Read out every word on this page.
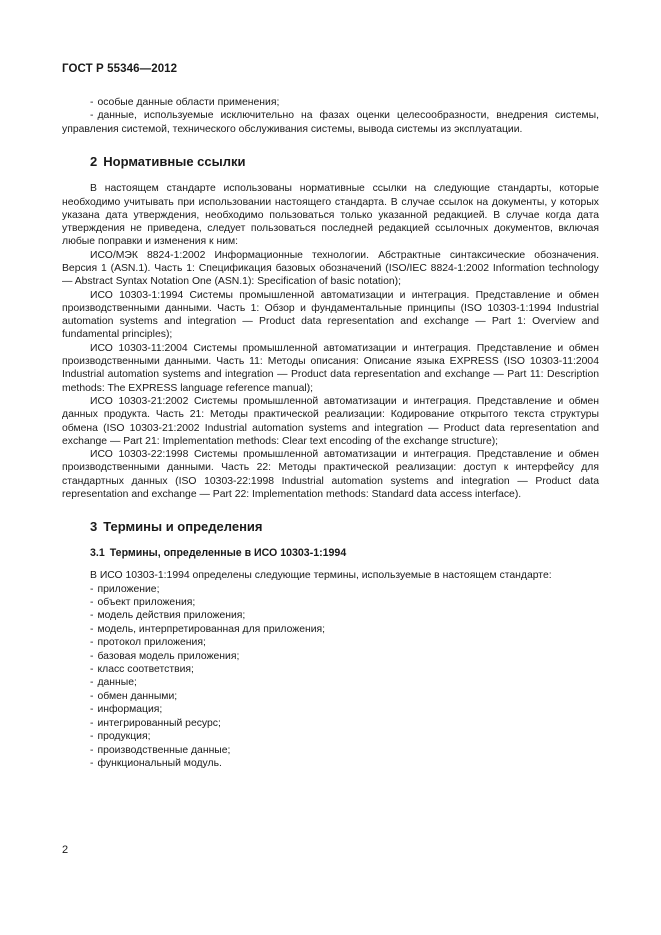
ГОСТ Р 55346—2012
- особые данные области применения;
- данные, используемые исключительно на фазах оценки целесообразности, внедрения системы, управления системой, технического обслуживания системы, вывода системы из эксплуатации.
2 Нормативные ссылки

В настоящем стандарте использованы нормативные ссылки на следующие стандарты, которые необходимо учитывать при использовании настоящего стандарта. В случае ссылок на документы, у которых указана дата утверждения, необходимо пользоваться только указанной редакцией. В случае когда дата утверждения не приведена, следует пользоваться последней редакцией ссылочных документов, включая любые поправки и изменения к ним:

ИСО/МЭК 8824-1:2002 Информационные технологии. Абстрактные синтаксические обозначения. Версия 1 (ASN.1). Часть 1: Спецификация базовых обозначений (ISO/IEC 8824-1:2002 Information technology — Abstract Syntax Notation One (ASN.1): Specification of basic notation);

ИСО 10303-1:1994 Системы промышленной автоматизации и интеграция. Представление и обмен производственными данными. Часть 1: Обзор и фундаментальные принципы (ISO 10303-1:1994 Industrial automation systems and integration — Product data representation and exchange — Part 1: Overview and fundamental principles);

ИСО 10303-11:2004 Системы промышленной автоматизации и интеграция. Представление и обмен производственными данными. Часть 11: Методы описания: Описание языка EXPRESS (ISO 10303-11:2004 Industrial automation systems and integration — Product data representation and exchange — Part 11: Description methods: The EXPRESS language reference manual);

ИСО 10303-21:2002 Системы промышленной автоматизации и интеграция. Представление и обмен данных продукта. Часть 21: Методы практической реализации: Кодирование открытого текста структуры обмена (ISO 10303-21:2002 Industrial automation systems and integration — Product data representation and exchange — Part 21: Implementation methods: Clear text encoding of the exchange structure);

ИСО 10303-22:1998 Системы промышленной автоматизации и интеграция. Представление и обмен производственными данными. Часть 22: Методы практической реализации: доступ к интерфейсу для стандартных данных (ISO 10303-22:1998 Industrial automation systems and integration — Product data representation and exchange — Part 22: Implementation methods: Standard data access interface).

3 Термины и определения
3.1 Термины, определенные в ИСО 10303-1:1994

В ИСО 10303-1:1994 определены следующие термины, используемые в настоящем стандарте:

- приложение;
- объект приложения;
- модель действия приложения;
- модель, интерпретированная для приложения;
- протокол приложения;
- базовая модель приложения;
- класс соответствия;
- данные;
- обмен данными;
- информация;
- интегрированный ресурс;
- продукция;
- производственные данные;
- функциональный модуль.
2
